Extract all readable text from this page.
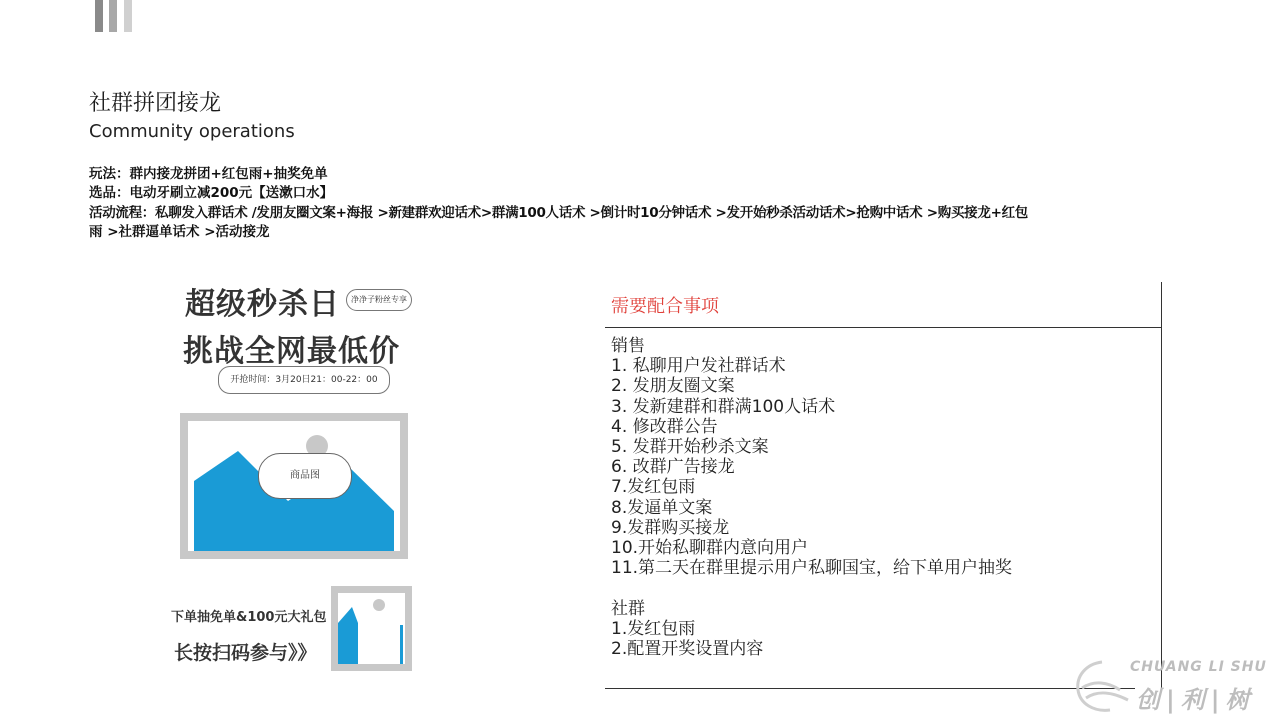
社群拼团接龙
Community operations
玩法：群内接龙拼团+红包雨+抽奖免单
选品：电动牙刷立减200元【送漱口水】
活动流程：私聊发入群话术 /发朋友圈文案+海报 >新建群欢迎话术>群满100人话术 >倒计时10分钟话术 >发开始秒杀活动话术>抢购中话术 >购买接龙+红包
雨 >社群逼单话术 >活动接龙
超级秒杀日	净净子粉丝专享
挑战全网最低价
开抢时间：3月20日21：00-22：00
商品图
下单抽免单&100元大礼包
长按扫码参与》》
需要配合事项
销售
1. 私聊用户发社群话术
2. 发朋友圈文案
3. 发新建群和群满100人话术
4. 修改群公告
5. 发群开始秒杀文案
6. 改群广告接龙
7.发红包雨
8.发逼单文案
9.发群购买接龙
10.开始私聊群内意向用户
11.第二天在群里提示用户私聊国宝，给下单用户抽奖
社群
1.发红包雨
2.配置开奖设置内容
CHUANG LI SHU
创|利|树
